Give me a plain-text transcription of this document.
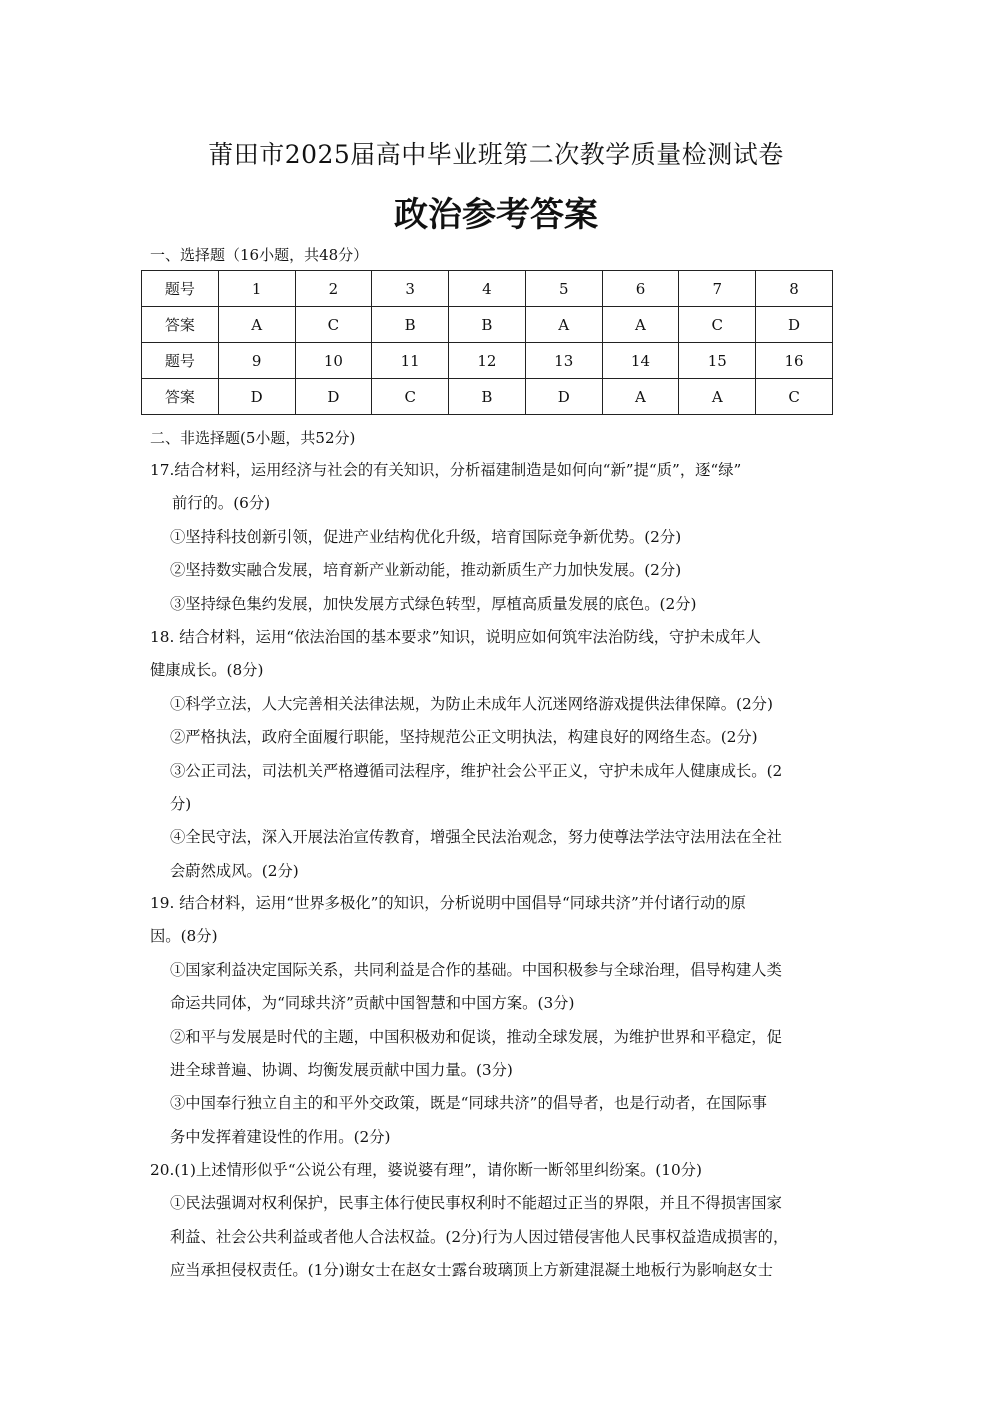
莆田市2025届高中毕业班第二次教学质量检测试卷
政治参考答案
一、选择题（16小题，共48分）
题号	1	2	3	4	5	6	7	8
答案	A	C	B	B	A	A	C	D
题号	9	10	11	12	13	14	15	16
答案	D	D	C	B	D	A	A	C
二、非选择题(5小题，共52分)
17.结合材料，运用经济与社会的有关知识，分析福建制造是如何向“新”提“质”，逐“绿”
前行的。(6分)
①坚持科技创新引领，促进产业结构优化升级，培育国际竞争新优势。(2分)
②坚持数实融合发展，培育新产业新动能，推动新质生产力加快发展。(2分)
③坚持绿色集约发展，加快发展方式绿色转型，厚植高质量发展的底色。(2分)
18. 结合材料，运用“依法治国的基本要求”知识，说明应如何筑牢法治防线，守护未成年人
健康成长。(8分)
①科学立法，人大完善相关法律法规，为防止未成年人沉迷网络游戏提供法律保障。(2分)
②严格执法，政府全面履行职能，坚持规范公正文明执法，构建良好的网络生态。(2分)
③公正司法，司法机关严格遵循司法程序，维护社会公平正义，守护未成年人健康成长。(2
分)
④全民守法，深入开展法治宣传教育，增强全民法治观念，努力使尊法学法守法用法在全社
会蔚然成风。(2分)
19. 结合材料，运用“世界多极化”的知识，分析说明中国倡导“同球共济”并付诸行动的原
因。(8分)
①国家利益决定国际关系，共同利益是合作的基础。中国积极参与全球治理，倡导构建人类
命运共同体，为“同球共济”贡献中国智慧和中国方案。(3分)
②和平与发展是时代的主题，中国积极劝和促谈，推动全球发展，为维护世界和平稳定，促
进全球普遍、协调、均衡发展贡献中国力量。(3分)
③中国奉行独立自主的和平外交政策，既是“同球共济”的倡导者，也是行动者，在国际事
务中发挥着建设性的作用。(2分)
20.(1)上述情形似乎“公说公有理，婆说婆有理”，请你断一断邻里纠纷案。(10分)
①民法强调对权利保护，民事主体行使民事权利时不能超过正当的界限，并且不得损害国家
利益、社会公共利益或者他人合法权益。(2分)行为人因过错侵害他人民事权益造成损害的，
应当承担侵权责任。(1分)谢女士在赵女士露台玻璃顶上方新建混凝土地板行为影响赵女士
